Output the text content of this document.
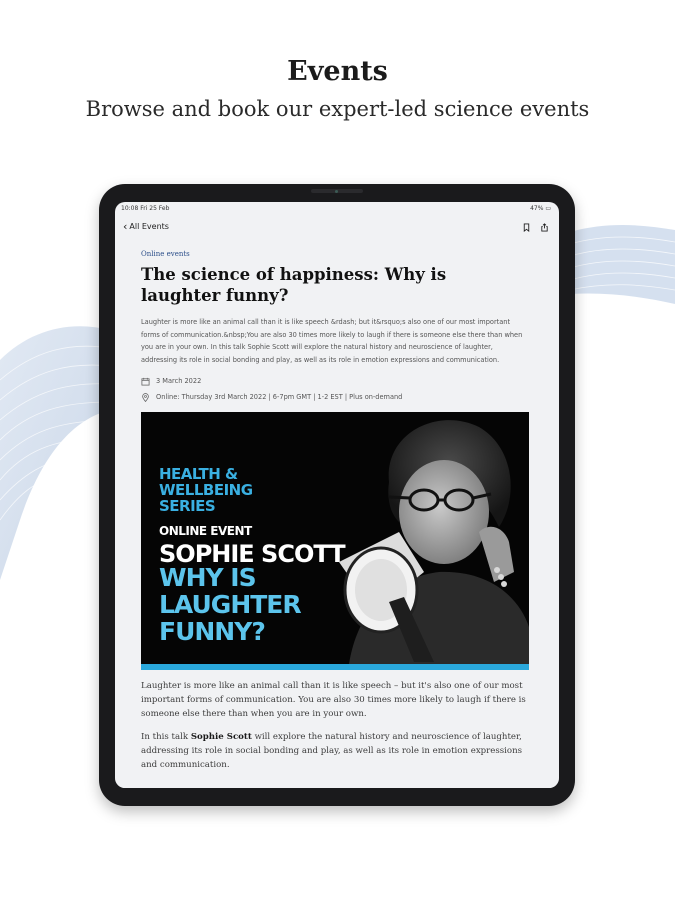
Events
Browse and book our expert-led science events
10:08 Fri 25 Feb	47% ▭
‹ All Events
Online events
The science of happiness: Why is laughter funny?

Laughter is more like an animal call than it is like speech &rdash; but it&rsquo;s also one of our most important forms of communication.&nbsp;You are also 30 times more likely to laugh if there is someone else there than when you are in your own. In this talk Sophie Scott will explore the natural history and neuroscience of laughter, addressing its role in social bonding and play, as well as its role in emotion expressions and communication.

3 March 2022
Online: Thursday 3rd March 2022 | 6-7pm GMT | 1-2 EST | Plus on-demand
HEALTH & WELLBEING SERIES
ONLINE EVENT
SOPHIE SCOTT
WHY IS LAUGHTER FUNNY?

Laughter is more like an animal call than it is like speech – but it's also one of our most important forms of communication. You are also 30 times more likely to laugh if there is someone else there than when you are in your own.

In this talk Sophie Scott will explore the natural history and neuroscience of laughter, addressing its role in social bonding and play, as well as its role in emotion expressions and communication.
